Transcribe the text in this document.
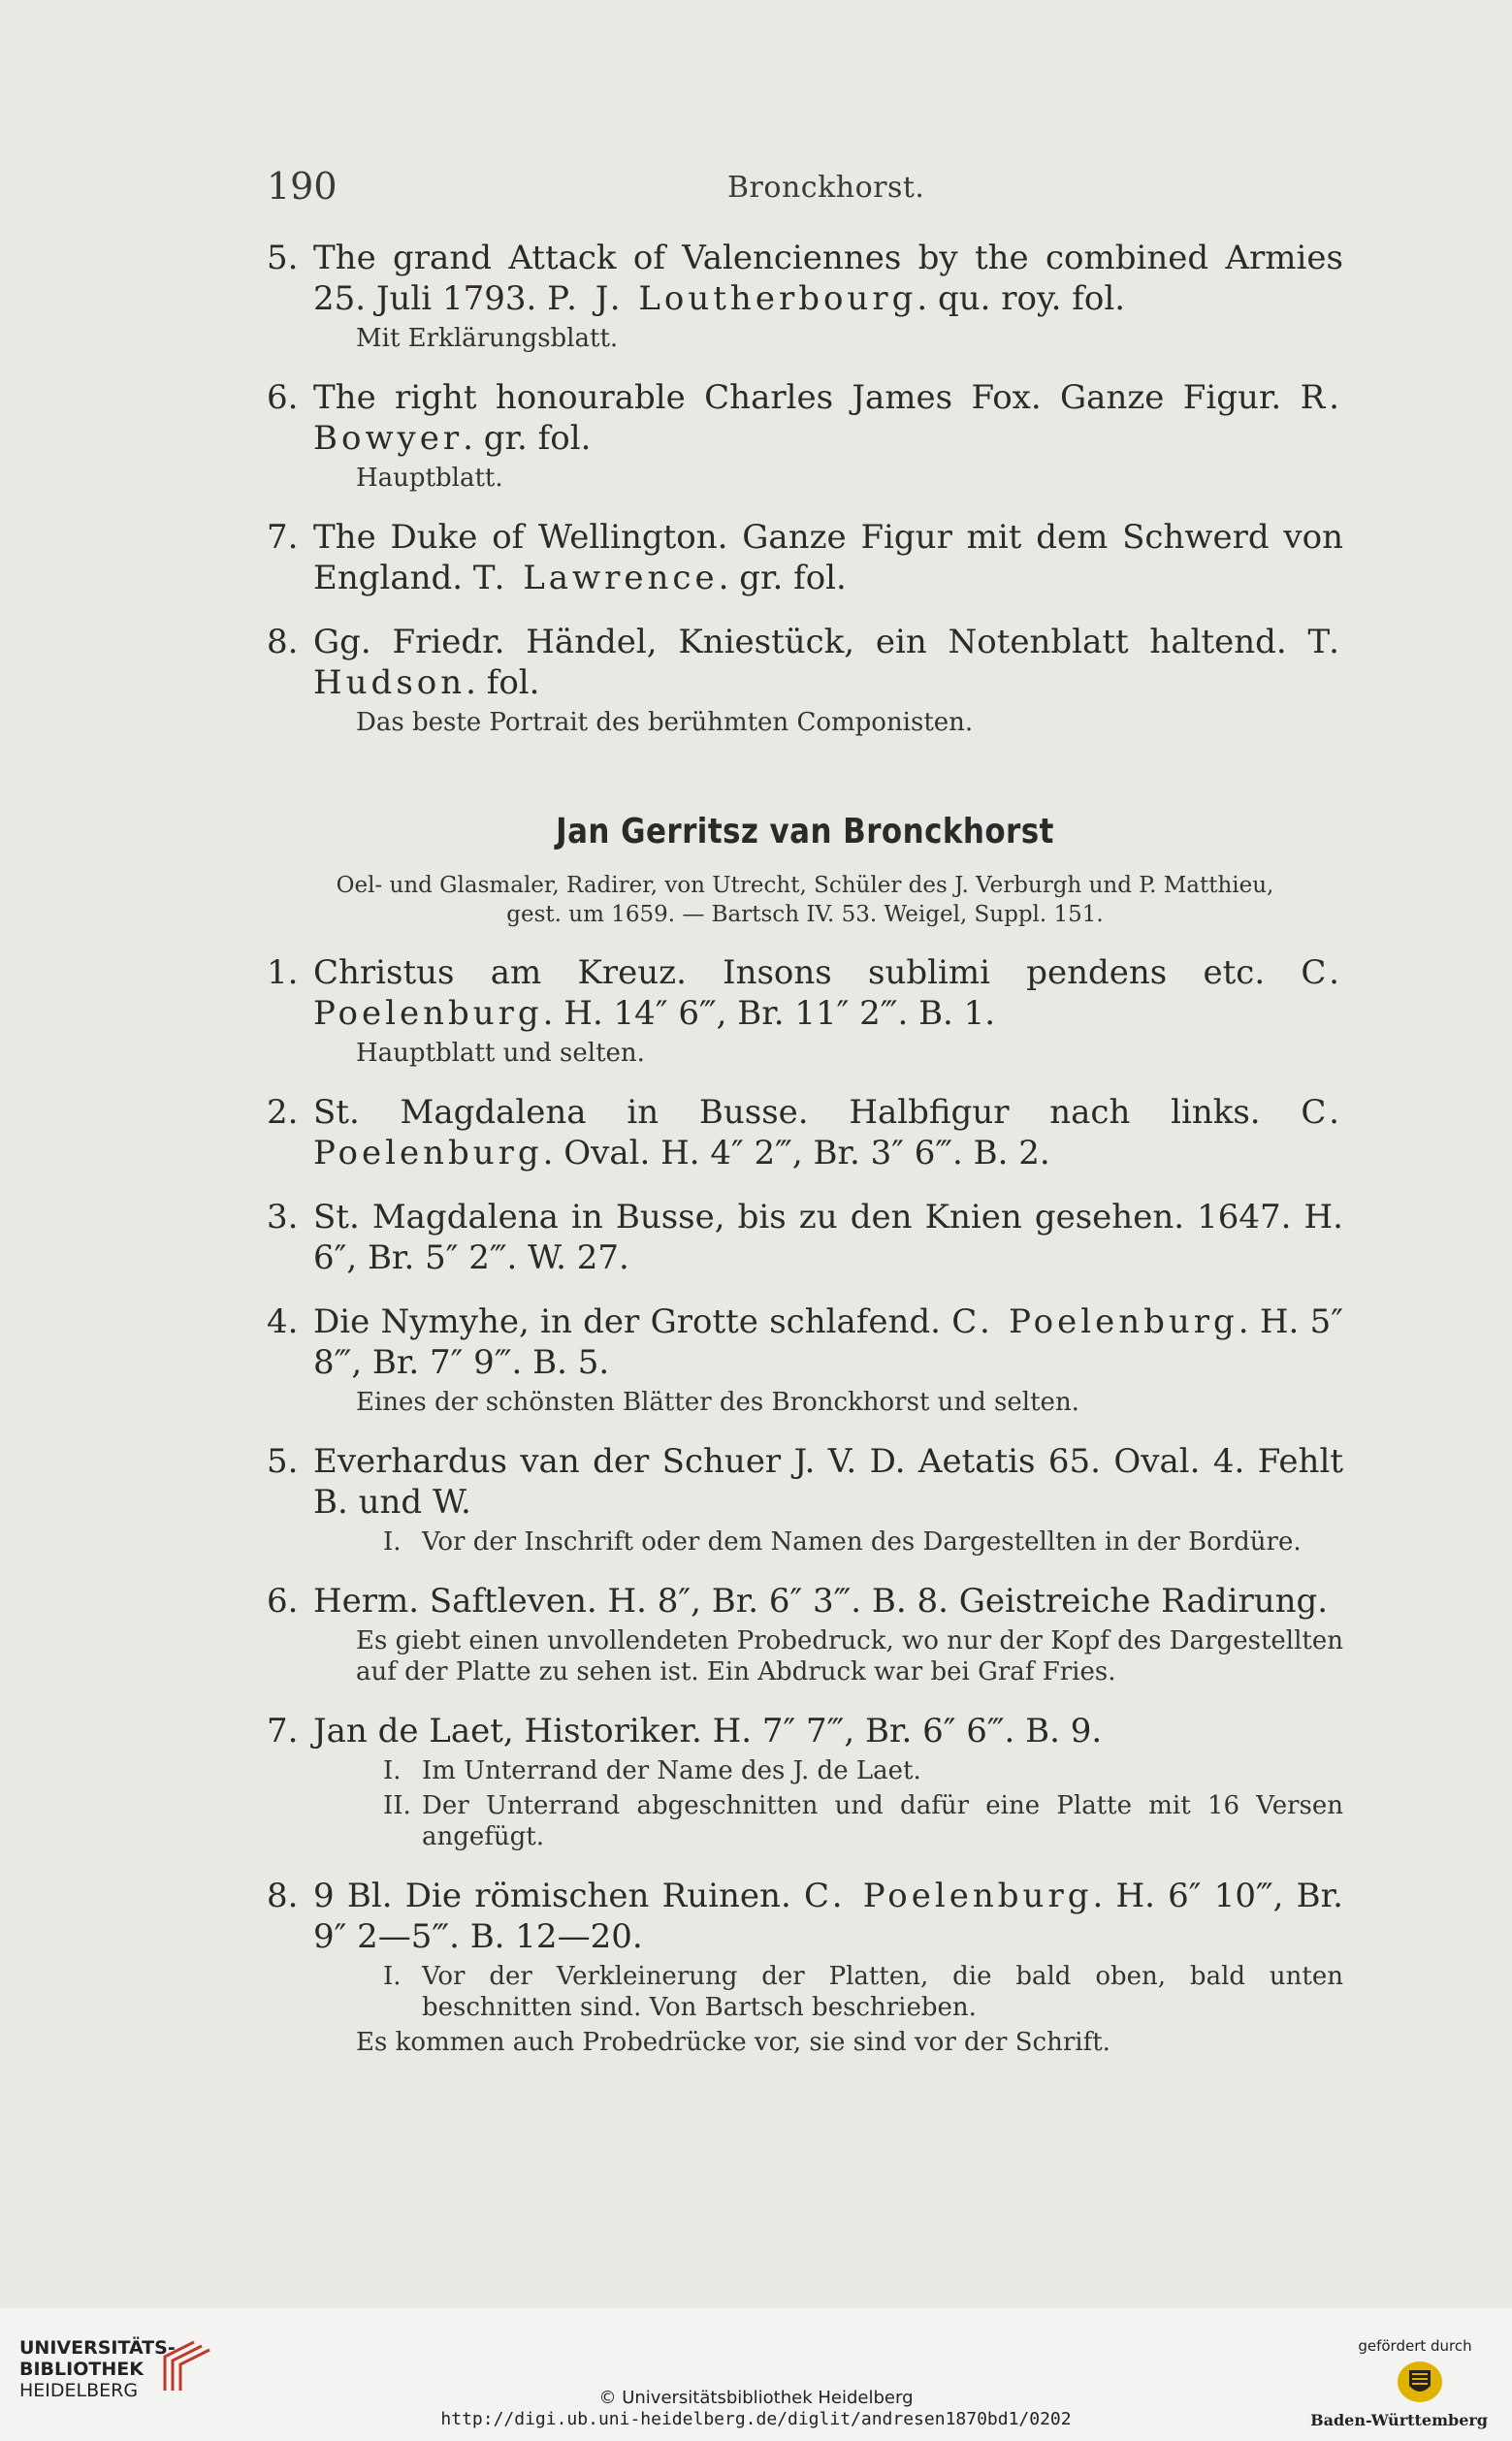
190	Bronckhorst.
5. The grand Attack of Valenciennes by the combined Armies 25. Juli 1793. P. J. Loutherbourg. qu. roy. fol.
Mit Erklärungsblatt.
6. The right honourable Charles James Fox. Ganze Figur. R. Bowyer. gr. fol.
Hauptblatt.
7. The Duke of Wellington. Ganze Figur mit dem Schwerd von England. T. Lawrence. gr. fol.
8. Gg. Friedr. Händel, Kniestück, ein Notenblatt haltend. T. Hudson. fol.
Das beste Portrait des berühmten Componisten.
Jan Gerritsz van Bronckhorst
Oel- und Glasmaler, Radirer, von Utrecht, Schüler des J. Verburgh und P. Matthieu,
gest. um 1659. — Bartsch IV. 53. Weigel, Suppl. 151.
1. Christus am Kreuz. Insons sublimi pendens etc. C. Poelenburg. H. 14″ 6‴, Br. 11″ 2‴. B. 1.
Hauptblatt und selten.
2. St. Magdalena in Busse. Halbfigur nach links. C. Poelenburg. Oval. H. 4″ 2‴, Br. 3″ 6‴. B. 2.
3. St. Magdalena in Busse, bis zu den Knien gesehen. 1647. H. 6″, Br. 5″ 2‴. W. 27.
4. Die Nymyhe, in der Grotte schlafend. C. Poelenburg. H. 5″ 8‴, Br. 7″ 9‴. B. 5.
Eines der schönsten Blätter des Bronckhorst und selten.
5. Everhardus van der Schuer J. V. D. Aetatis 65. Oval. 4. Fehlt B. und W.
I. Vor der Inschrift oder dem Namen des Dargestellten in der Bordüre.
6. Herm. Saftleven. H. 8″, Br. 6″ 3‴. B. 8. Geistreiche Radirung.
Es giebt einen unvollendeten Probedruck, wo nur der Kopf des Dargestellten auf der Platte zu sehen ist. Ein Abdruck war bei Graf Fries.
7. Jan de Laet, Historiker. H. 7″ 7‴, Br. 6″ 6‴. B. 9.
I. Im Unterrand der Name des J. de Laet.
II. Der Unterrand abgeschnitten und dafür eine Platte mit 16 Versen angefügt.
8. 9 Bl. Die römischen Ruinen. C. Poelenburg. H. 6″ 10‴, Br. 9″ 2—5‴. B. 12—20.
I. Vor der Verkleinerung der Platten, die bald oben, bald unten beschnitten sind. Von Bartsch beschrieben.
Es kommen auch Probedrücke vor, sie sind vor der Schrift.
UNIVERSITÄTS-
BIBLIOTHEK
HEIDELBERG	© Universitätsbibliothek Heidelberg
http://digi.ub.uni-heidelberg.de/diglit/andresen1870bd1/0202
gefördert durch
Baden-Württemberg
